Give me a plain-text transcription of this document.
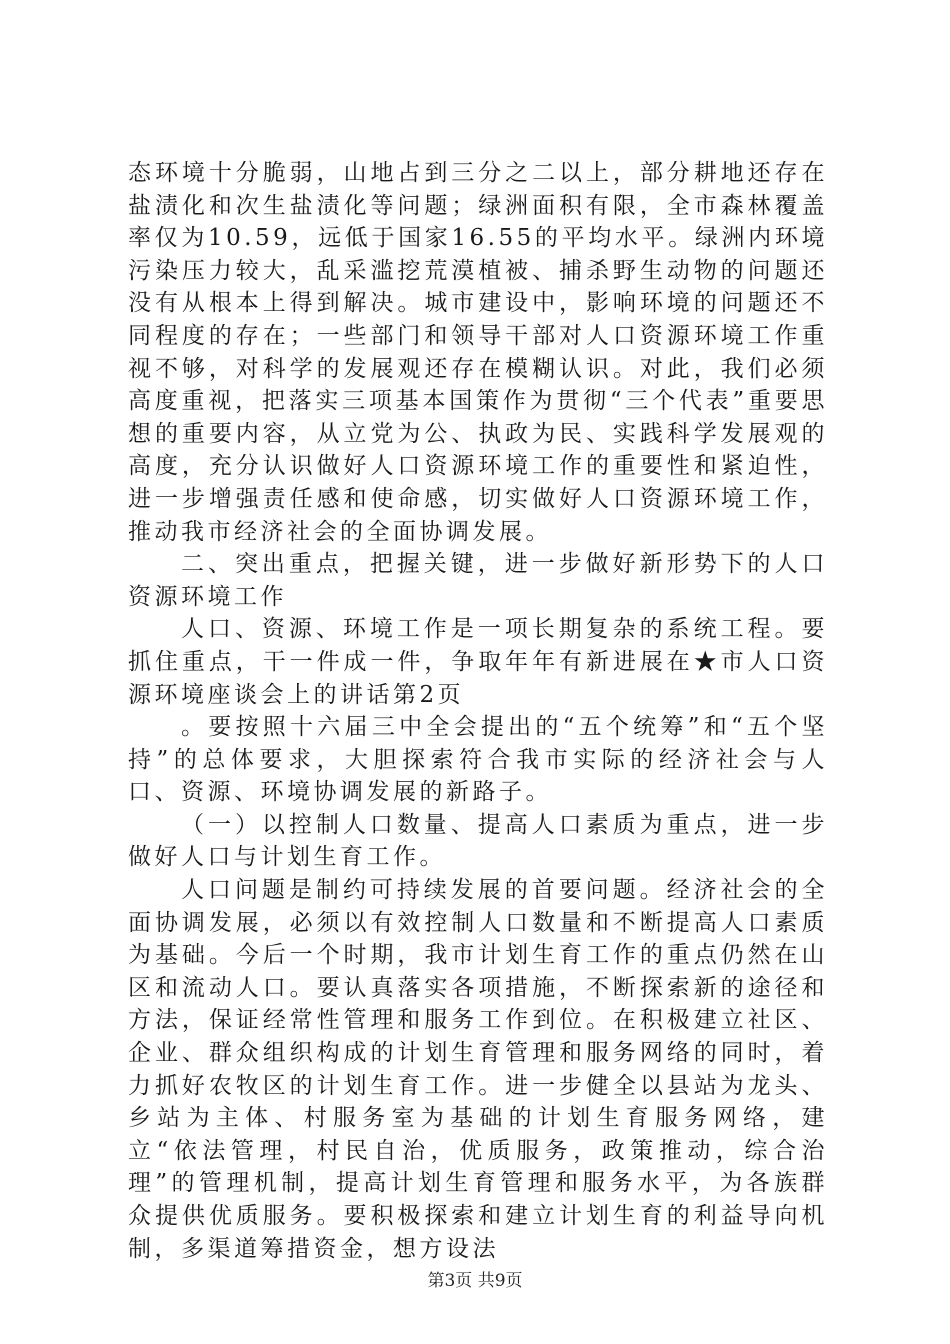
态环境十分脆弱，山地占到三分之二以上，部分耕地还存在盐渍化和次生盐渍化等问题；绿洲面积有限，全市森林覆盖率仅为10.59，远低于国家16.55的平均水平。绿洲内环境污染压力较大，乱采滥挖荒漠植被、捕杀野生动物的问题还没有从根本上得到解决。城市建设中，影响环境的问题还不同程度的存在；一些部门和领导干部对人口资源环境工作重视不够，对科学的发展观还存在模糊认识。对此，我们必须高度重视，把落实三项基本国策作为贯彻“三个代表”重要思想的重要内容，从立党为公、执政为民、实践科学发展观的高度，充分认识做好人口资源环境工作的重要性和紧迫性，进一步增强责任感和使命感，切实做好人口资源环境工作，推动我市经济社会的全面协调发展。

二、突出重点，把握关键，进一步做好新形势下的人口资源环境工作

人口、资源、环境工作是一项长期复杂的系统工程。要抓住重点，干一件成一件，争取年年有新进展在★市人口资源环境座谈会上的讲话第2页

。要按照十六届三中全会提出的“五个统筹”和“五个坚持”的总体要求，大胆探索符合我市实际的经济社会与人口、资源、环境协调发展的新路子。

（一）以控制人口数量、提高人口素质为重点，进一步做好人口与计划生育工作。

人口问题是制约可持续发展的首要问题。经济社会的全面协调发展，必须以有效控制人口数量和不断提高人口素质为基础。今后一个时期，我市计划生育工作的重点仍然在山区和流动人口。要认真落实各项措施，不断探索新的途径和方法，保证经常性管理和服务工作到位。在积极建立社区、企业、群众组织构成的计划生育管理和服务网络的同时，着力抓好农牧区的计划生育工作。进一步健全以县站为龙头、乡站为主体、村服务室为基础的计划生育服务网络，建立“依法管理，村民自治，优质服务，政策推动，综合治理”的管理机制，提高计划生育管理和服务水平，为各族群众提供优质服务。要积极探索和建立计划生育的利益导向机制，多渠道筹措资金，想方设法

第3页 共9页
